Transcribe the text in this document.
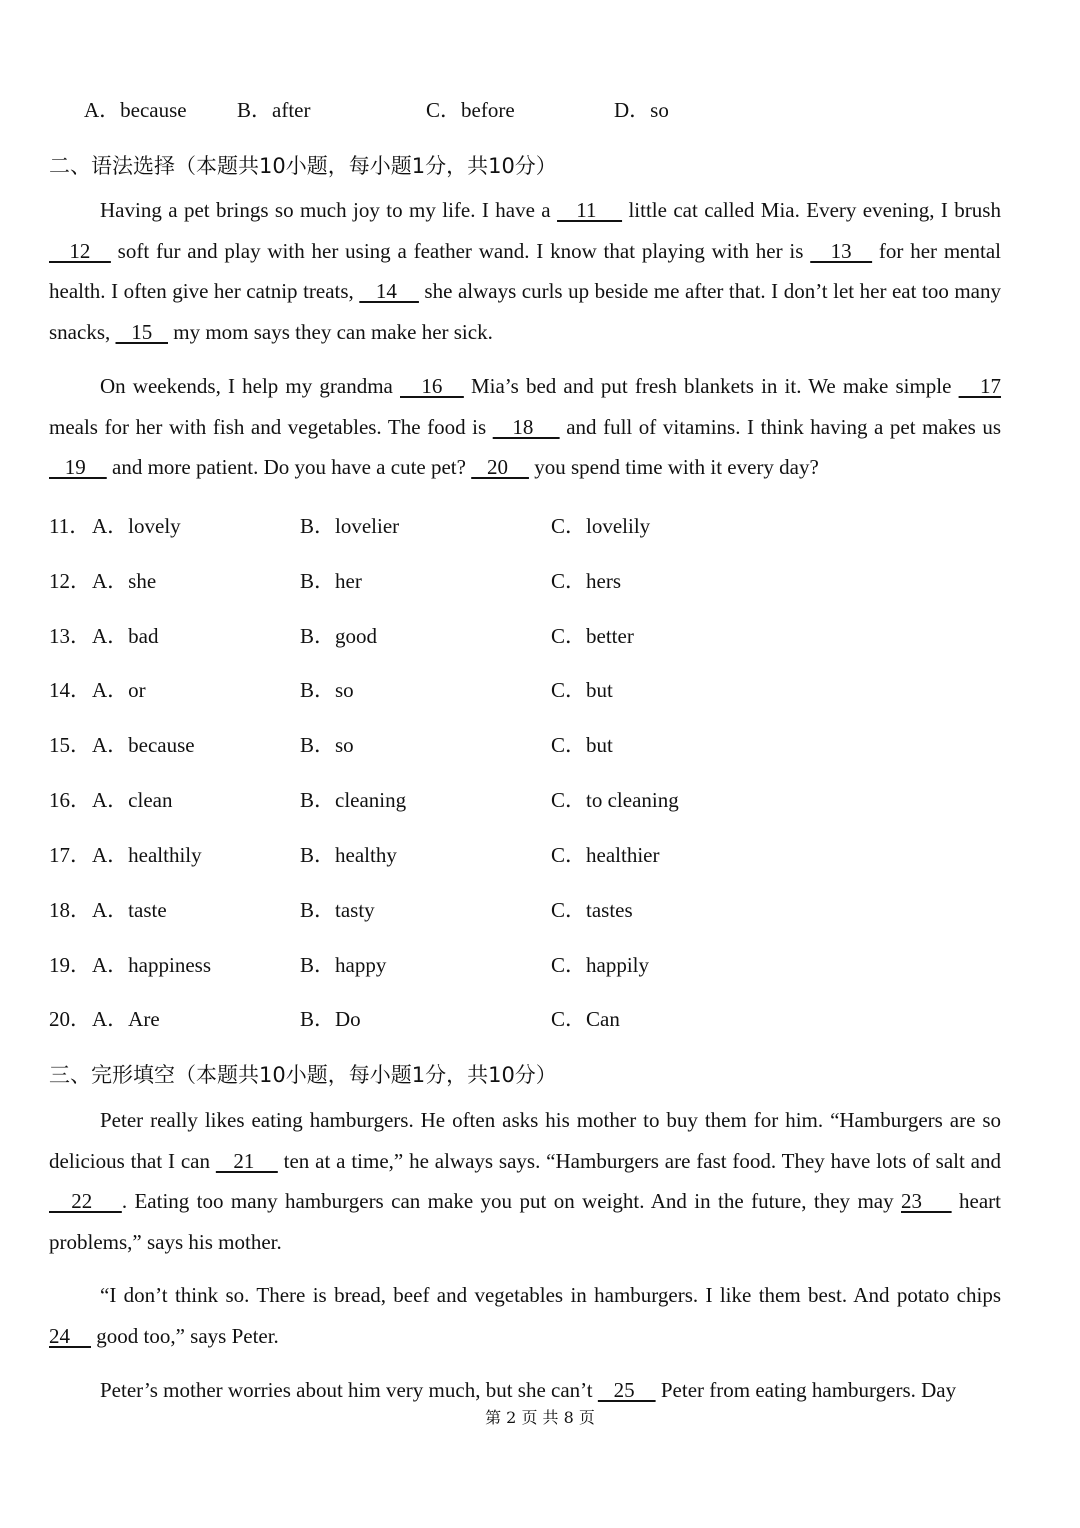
A．because B．after	C．before	D．so
二、语法选择（本题共10小题，每小题1分，共10分）
Having a pet brings so much joy to my life. I have a    11     little cat called Mia. Every evening, I brush    12    soft fur and play with her using a feather wand. I know that playing with her is    13    for her mental health. I often give her catnip treats,    14     she always curls up beside me after that. I don’t let her eat too many snacks,    15    my mom says they can make her sick.
On weekends, I help my grandma    16    Mia’s bed and put fresh blankets in it. We make simple    17 meals for her with fish and vegetables. The food is    18     and full of vitamins. I think having a pet makes us    19     and more patient. Do you have a cute pet?    20     you spend time with it every day?
11． A．lovely	B．lovelier	C．lovelily
12． A．she	B．her	C．hers
13． A．bad	B．good	C．better
14． A．or	B．so	C．but
15． A．because	B．so	C．but
16． A．clean	B．cleaning	C．to cleaning
17． A．healthily	B．healthy	C．healthier
18． A．taste	B．tasty	C．tastes
19． A．happiness	B．happy	C．happily
20． A．Are	B．Do	C．Can
三、完形填空（本题共10小题，每小题1分，共10分）
Peter really likes eating hamburgers. He often asks his mother to buy them for him. “Hamburgers are so delicious that I can    21     ten at a time,” he always says. “Hamburgers are fast food. They have lots of salt and    22    . Eating too many hamburgers can make you put on weight. And in the future, they may 23     heart problems,” says his mother.
“I don’t think so. There is bread, beef and vegetables in hamburgers. I like them best. And potato chips 24     good too,” says Peter.
Peter’s mother worries about him very much, but she can’t    25     Peter from eating hamburgers. Day
第 2 页 共 8 页
